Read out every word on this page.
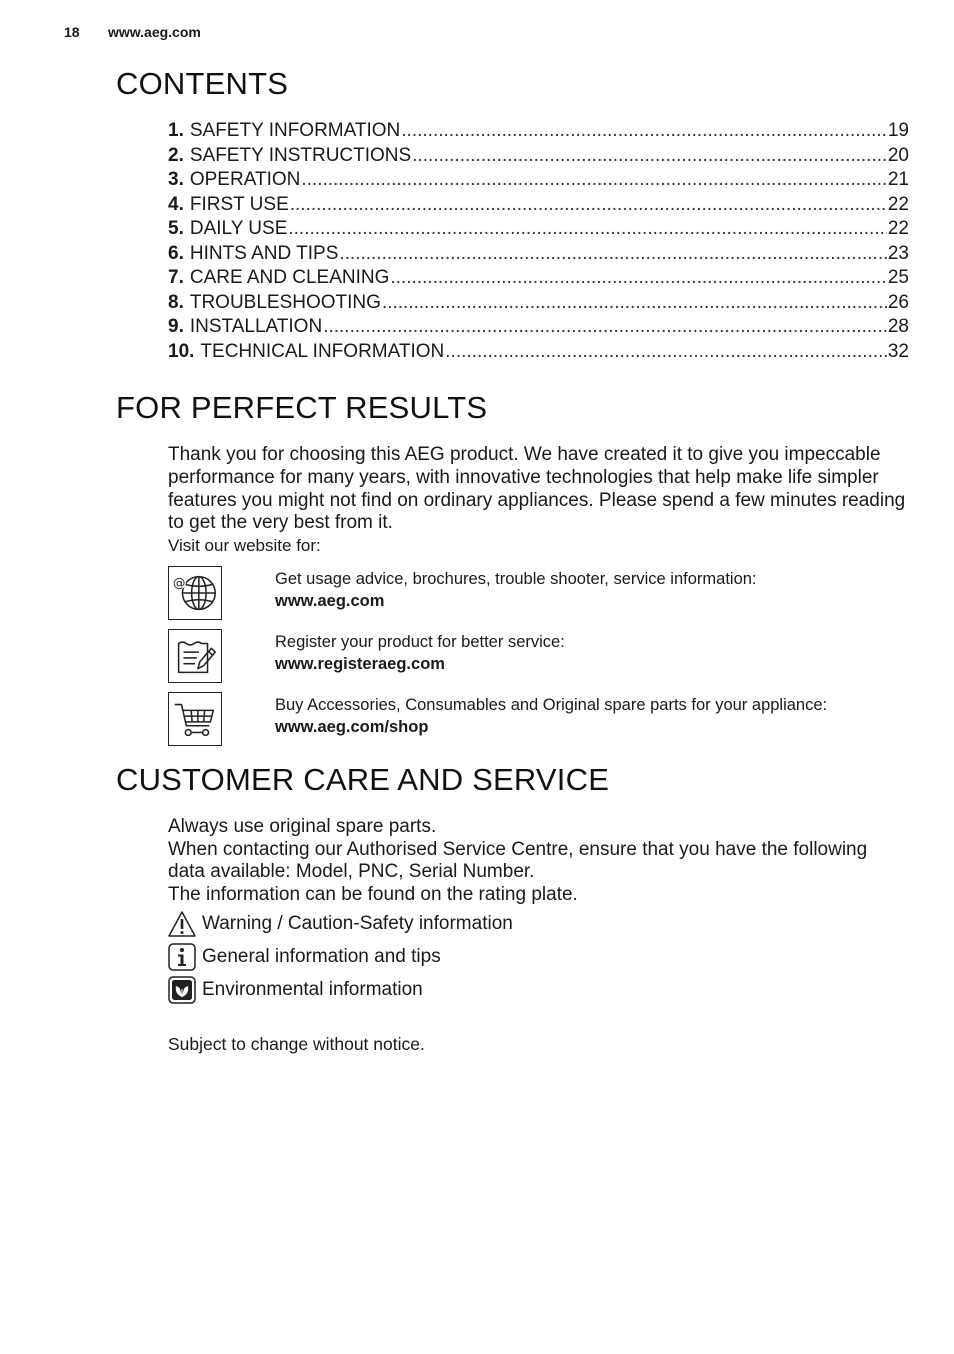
18 www.aeg.com
CONTENTS
1. SAFETY INFORMATION .....	19
2. SAFETY INSTRUCTIONS .....	20
3. OPERATION .....	21
4. FIRST USE .....	22
5. DAILY USE .....	22
6. HINTS AND TIPS .....	23
7. CARE AND CLEANING .....	25
8. TROUBLESHOOTING .....	26
9. INSTALLATION .....	28
10. TECHNICAL INFORMATION .....	32
FOR PERFECT RESULTS

Thank you for choosing this AEG product. We have created it to give you impeccable performance for many years, with innovative technologies that help make life simpler features you might not find on ordinary appliances. Please spend a few minutes reading to get the very best from it.

Visit our website for:
@	Get usage advice, brochures, trouble shooter, service information:
www.aeg.com
Register your product for better service:
www.registeraeg.com
Buy Accessories, Consumables and Original spare parts for your appliance:
www.aeg.com/shop
CUSTOMER CARE AND SERVICE
Always use original spare parts.
When contacting our Authorised Service Centre, ensure that you have the following data available: Model, PNC, Serial Number.
The information can be found on the rating plate.
Warning / Caution-Safety information
General information and tips
Environmental information
Subject to change without notice.
